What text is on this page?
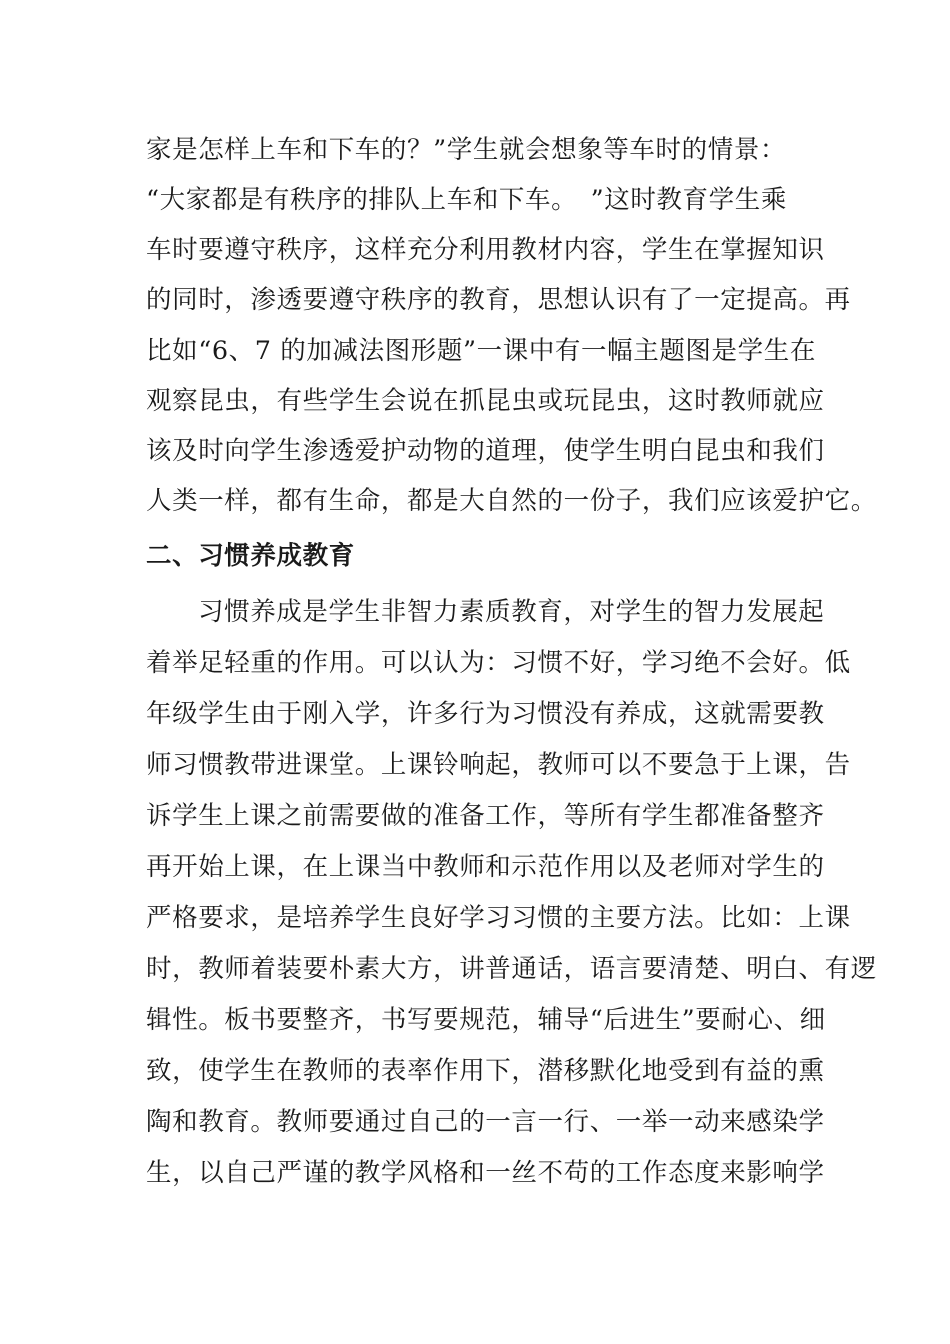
家是怎样上车和下车的？”学生就会想象等车时的情景：
“大家都是有秩序的排队上车和下车。　”这时教育学生乘
车时要遵守秩序，这样充分利用教材内容，学生在掌握知识
的同时，渗透要遵守秩序的教育，思想认识有了一定提高。再
比如“6、7 的加减法图形题”一课中有一幅主题图是学生在
观察昆虫，有些学生会说在抓昆虫或玩昆虫，这时教师就应
该及时向学生渗透爱护动物的道理，使学生明白昆虫和我们
人类一样，都有生命，都是大自然的一份子，我们应该爱护它。
二、习惯养成教育
习惯养成是学生非智力素质教育，对学生的智力发展起
着举足轻重的作用。可以认为：习惯不好，学习绝不会好。低
年级学生由于刚入学，许多行为习惯没有养成，这就需要教
师习惯教带进课堂。上课铃响起，教师可以不要急于上课，告
诉学生上课之前需要做的准备工作，等所有学生都准备整齐
再开始上课，在上课当中教师和示范作用以及老师对学生的
严格要求，是培养学生良好学习习惯的主要方法。比如：上课
时，教师着装要朴素大方，讲普通话，语言要清楚、明白、有逻
辑性。板书要整齐，书写要规范，辅导“后进生”要耐心、细
致，使学生在教师的表率作用下，潜移默化地受到有益的熏
陶和教育。教师要通过自己的一言一行、一举一动来感染学
生，以自己严谨的教学风格和一丝不苟的工作态度来影响学
